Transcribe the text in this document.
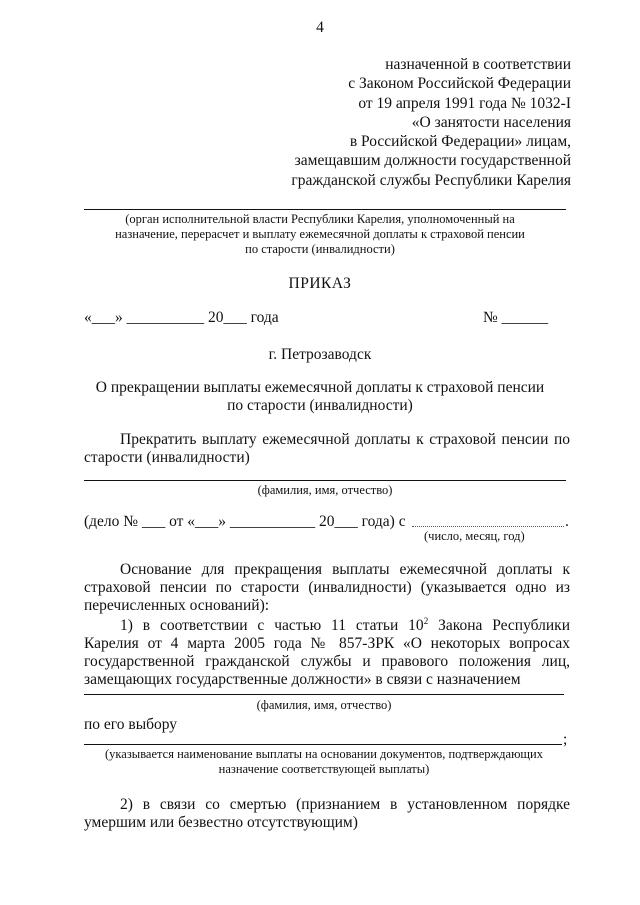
4
назначенной в соответствии
с Законом Российской Федерации
от 19 апреля 1991 года № 1032-I
«О занятости населения
в Российской Федерации» лицам,
замещавшим должности государственной
гражданской службы Республики Карелия
(орган исполнительной власти Республики Карелия, уполномоченный на
назначение, перерасчет и выплату ежемесячной доплаты к страховой пенсии
по старости (инвалидности)
ПРИКАЗ
«___» __________ 20___ года	№ ______
г. Петрозаводск
О прекращении выплаты ежемесячной доплаты к страховой пенсии
по старости (инвалидности)
Прекратить выплату ежемесячной доплаты к страховой пенсии по
старости (инвалидности)
(фамилия, имя, отчество)
(дело № ___ от «___» ___________ 20___ года) с	.
(число, месяц, год)
Основание для прекращения выплаты ежемесячной доплаты к
страховой пенсии по старости (инвалидности) (указывается одно из
перечисленных оснований):
1) в соответствии с частью 11 статьи $10^2$ Закона Республики
Карелия от 4 марта 2005 года № 857-ЗРК «О некоторых вопросах
государственной гражданской службы и правового положения лиц,
замещающих государственные должности» в связи с назначением
(фамилия, имя, отчество)
по его выбору
;
(указывается наименование выплаты на основании документов, подтверждающих
назначение соответствующей выплаты)
2) в связи со смертью (признанием в установленном порядке
умершим или безвестно отсутствующим)
